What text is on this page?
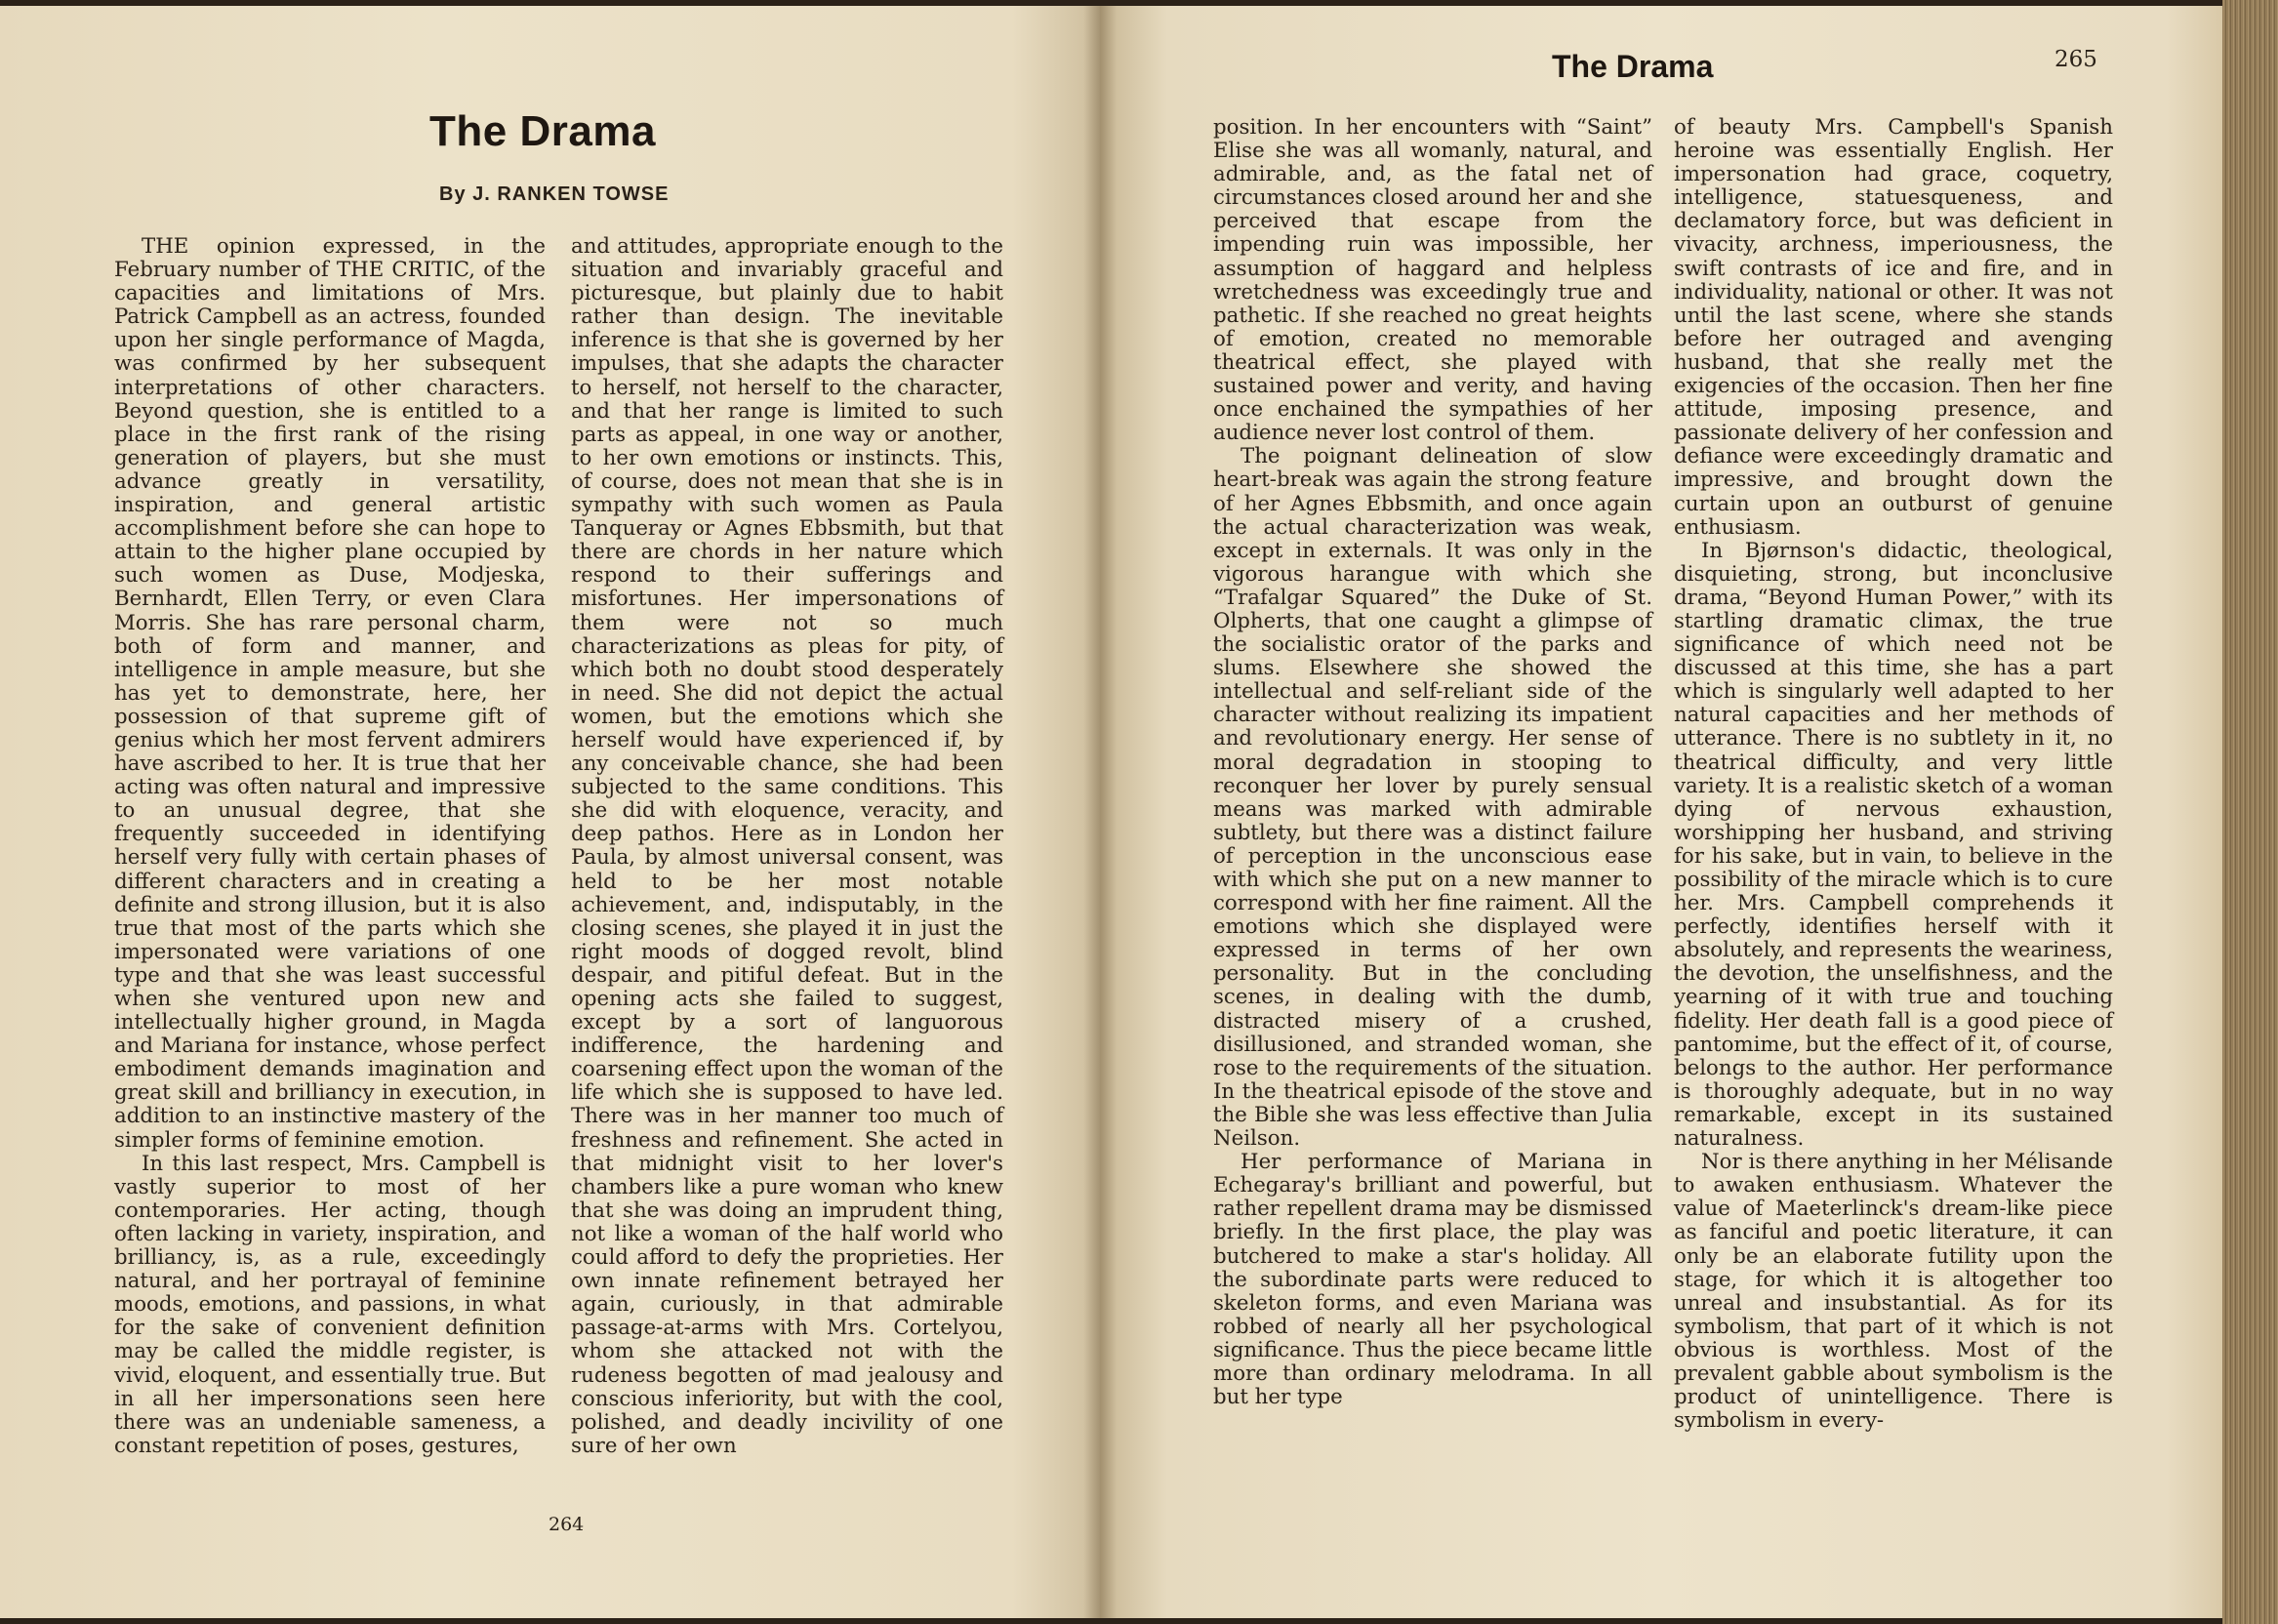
The Drama
By J. RANKEN TOWSE

THE opinion expressed, in the February number of THE CRITIC, of the capacities and limitations of Mrs. Patrick Campbell as an actress, founded upon her single performance of Magda, was confirmed by her subsequent interpretations of other characters. Beyond question, she is entitled to a place in the first rank of the rising generation of players, but she must advance greatly in versatility, inspiration, and general artistic accomplishment before she can hope to attain to the higher plane occupied by such women as Duse, Modjeska, Bernhardt, Ellen Terry, or even Clara Morris. She has rare personal charm, both of form and manner, and intelligence in ample measure, but she has yet to demonstrate, here, her possession of that supreme gift of genius which her most fervent admirers have ascribed to her. It is true that her acting was often natural and impressive to an unusual degree, that she frequently succeeded in identifying herself very fully with certain phases of different characters and in creating a definite and strong illusion, but it is also true that most of the parts which she impersonated were variations of one type and that she was least successful when she ventured upon new and intellectually higher ground, in Magda and Mariana for instance, whose perfect embodiment demands imagination and great skill and brilliancy in execution, in addition to an instinctive mastery of the simpler forms of feminine emotion.

In this last respect, Mrs. Campbell is vastly superior to most of her contemporaries. Her acting, though often lacking in variety, inspiration, and brilliancy, is, as a rule, exceedingly natural, and her portrayal of feminine moods, emotions, and passions, in what for the sake of convenient definition may be called the middle register, is vivid, eloquent, and essentially true. But in all her impersonations seen here there was an undeniable sameness, a constant repetition of poses, gestures,

and attitudes, appropriate enough to the situation and invariably graceful and picturesque, but plainly due to habit rather than design. The inevitable inference is that she is governed by her impulses, that she adapts the character to herself, not herself to the character, and that her range is limited to such parts as appeal, in one way or another, to her own emotions or instincts. This, of course, does not mean that she is in sympathy with such women as Paula Tanqueray or Agnes Ebbsmith, but that there are chords in her nature which respond to their sufferings and misfortunes. Her impersonations of them were not so much characterizations as pleas for pity, of which both no doubt stood desperately in need. She did not depict the actual women, but the emotions which she herself would have experienced if, by any conceivable chance, she had been subjected to the same conditions. This she did with eloquence, veracity, and deep pathos. Here as in London her Paula, by almost universal consent, was held to be her most notable achievement, and, indisputably, in the closing scenes, she played it in just the right moods of dogged revolt, blind despair, and pitiful defeat. But in the opening acts she failed to suggest, except by a sort of languorous indifference, the hardening and coarsening effect upon the woman of the life which she is supposed to have led. There was in her manner too much of freshness and refinement. She acted in that midnight visit to her lover's chambers like a pure woman who knew that she was doing an imprudent thing, not like a woman of the half world who could afford to defy the proprieties. Her own innate refinement betrayed her again, curiously, in that admirable passage-at-arms with Mrs. Cortelyou, whom she attacked not with the rudeness begotten of mad jealousy and conscious inferiority, but with the cool, polished, and deadly incivility of one sure of her own

264

position. In her encounters with “Saint” Elise she was all womanly, natural, and admirable, and, as the fatal net of circumstances closed around her and she perceived that escape from the impending ruin was impossible, her assumption of haggard and helpless wretchedness was exceedingly true and pathetic. If she reached no great heights of emotion, created no memorable theatrical effect, she played with sustained power and verity, and having once enchained the sympathies of her audience never lost control of them.

The poignant delineation of slow heart-break was again the strong feature of her Agnes Ebbsmith, and once again the actual characterization was weak, except in externals. It was only in the vigorous harangue with which she “Trafalgar Squared” the Duke of St. Olpherts, that one caught a glimpse of the socialistic orator of the parks and slums. Elsewhere she showed the intellectual and self-reliant side of the character without realizing its impatient and revolutionary energy. Her sense of moral degradation in stooping to reconquer her lover by purely sensual means was marked with admirable subtlety, but there was a distinct failure of perception in the unconscious ease with which she put on a new manner to correspond with her fine raiment. All the emotions which she displayed were expressed in terms of her own personality. But in the concluding scenes, in dealing with the dumb, distracted misery of a crushed, disillusioned, and stranded woman, she rose to the requirements of the situation. In the theatrical episode of the stove and the Bible she was less effective than Julia Neilson.

Her performance of Mariana in Echegaray's brilliant and powerful, but rather repellent drama may be dismissed briefly. In the first place, the play was butchered to make a star's holiday. All the subordinate parts were reduced to skeleton forms, and even Mariana was robbed of nearly all her psychological significance. Thus the piece became little more than ordinary melodrama. In all but her type

of beauty Mrs. Campbell's Spanish heroine was essentially English. Her impersonation had grace, coquetry, intelligence, statuesqueness, and declamatory force, but was deficient in vivacity, archness, imperiousness, the swift contrasts of ice and fire, and in individuality, national or other. It was not until the last scene, where she stands before her outraged and avenging husband, that she really met the exigencies of the occasion. Then her fine attitude, imposing presence, and passionate delivery of her confession and defiance were exceedingly dramatic and impressive, and brought down the curtain upon an outburst of genuine enthusiasm.

In Bjørnson's didactic, theological, disquieting, strong, but inconclusive drama, “Beyond Human Power,” with its startling dramatic climax, the true significance of which need not be discussed at this time, she has a part which is singularly well adapted to her natural capacities and her methods of utterance. There is no subtlety in it, no theatrical difficulty, and very little variety. It is a realistic sketch of a woman dying of nervous exhaustion, worshipping her husband, and striving for his sake, but in vain, to believe in the possibility of the miracle which is to cure her. Mrs. Campbell comprehends it perfectly, identifies herself with it absolutely, and represents the weariness, the devotion, the unselfishness, and the yearning of it with true and touching fidelity. Her death fall is a good piece of pantomime, but the effect of it, of course, belongs to the author. Her performance is thoroughly adequate, but in no way remarkable, except in its sustained naturalness.

Nor is there anything in her Mélisande to awaken enthusiasm. Whatever the value of Maeterlinck's dream-like piece as fanciful and poetic literature, it can only be an elaborate futility upon the stage, for which it is altogether too unreal and insubstantial. As for its symbolism, that part of it which is not obvious is worthless. Most of the prevalent gabble about symbolism is the product of unintelligence. There is symbolism in every-

The Drama	265
